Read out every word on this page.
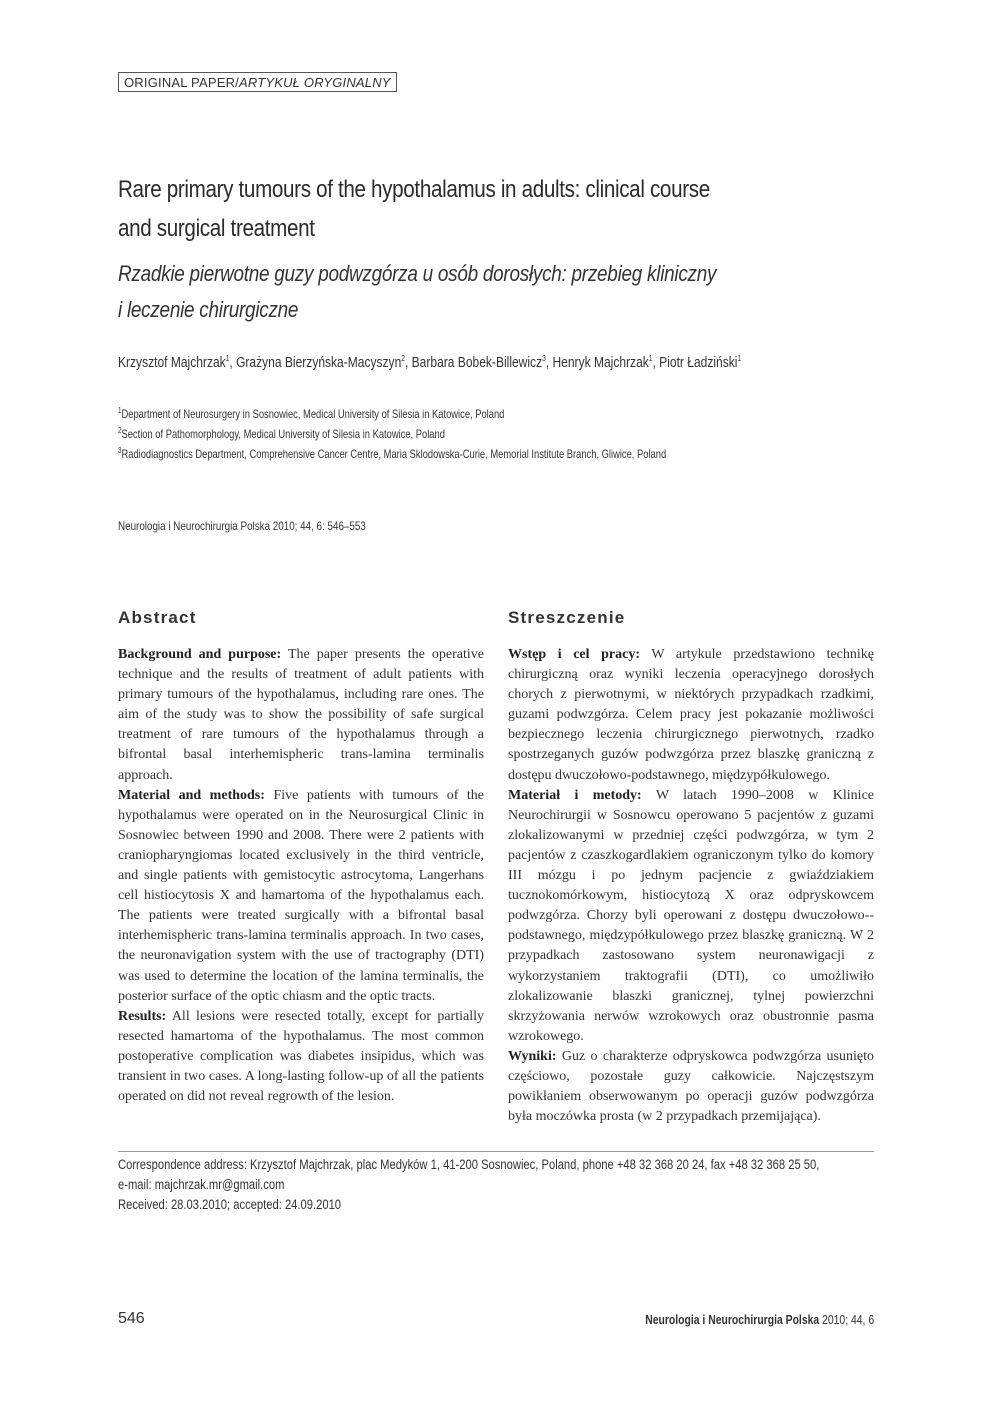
ORIGINAL PAPER/ARTYKUŁ ORYGINALNY
Rare primary tumours of the hypothalamus in adults: clinical course
and surgical treatment
Rzadkie pierwotne guzy podwzgórza u osób dorosłych: przebieg kliniczny
i leczenie chirurgiczne
Krzysztof Majchrzak$^1$, Grażyna Bierzyńska-Macyszyn$^2$, Barbara Bobek-Billewicz$^3$, Henryk Majchrzak$^1$, Piotr Ładziński$^1$
$^1$Department of Neurosurgery in Sosnowiec, Medical University of Silesia in Katowice, Poland
$^2$Section of Pathomorphology, Medical University of Silesia in Katowice, Poland
$^3$Radiodiagnostics Department, Comprehensive Cancer Centre, Maria Sklodowska-Curie, Memorial Institute Branch, Gliwice, Poland
Neurologia i Neurochirurgia Polska 2010; 44, 6: 546–553
Abstract	Streszczenie

Background and purpose: The paper presents the operative technique and the results of treatment of adult patients with primary tumours of the hypothalamus, including rare ones. The aim of the study was to show the possibility of safe surgical treatment of rare tumours of the hypothalamus through a bifrontal basal interhemispheric trans-lamina terminalis approach.

Material and methods: Five patients with tumours of the hypothalamus were operated on in the Neurosurgical Clinic in Sosnowiec between 1990 and 2008. There were 2 patients with craniopharyngiomas located exclusively in the third ventricle, and single patients with gemistocytic astrocytoma, Langerhans cell histiocytosis X and hamartoma of the hypothalamus each. The patients were treated surgically with a bifrontal basal interhemispheric trans-lamina terminalis approach. In two cases, the neuronavigation system with the use of tractography (DTI) was used to determine the location of the lamina terminalis, the posterior surface of the optic chiasm and the optic tracts.

Results: All lesions were resected totally, except for partially resected hamartoma of the hypothalamus. The most common postoperative complication was diabetes insipidus, which was transient in two cases. A long-lasting follow-up of all the patients operated on did not reveal regrowth of the lesion.

Wstęp i cel pracy: W artykule przedstawiono technikę chirurgiczną oraz wyniki leczenia operacyjnego dorosłych chorych z pierwotnymi, w niektórych przypadkach rzadkimi, guzami podwzgórza. Celem pracy jest pokazanie możliwości bezpiecznego leczenia chirurgicznego pierwotnych, rzadko spostrzeganych guzów podwzgórza przez blaszkę graniczną z dostępu dwuczołowo-podstawnego, międzypółkulowego.

Materiał i metody: W latach 1990–2008 w Klinice Neurochirurgii w Sosnowcu operowano 5 pacjentów z guzami zlokalizowanymi w przedniej części podwzgórza, w tym 2 pacjentów z czaszkogardlakiem ograniczonym tylko do komory III mózgu i po jednym pacjencie z gwiaździakiem tucznokomórkowym, histiocytozą X oraz odpryskowcem podwzgórza. Chorzy byli operowani z dostępu dwuczołowo--podstawnego, międzypółkulowego przez blaszkę graniczną. W 2 przypadkach zastosowano system neuronawigacji z wykorzystaniem traktografii (DTI), co umożliwiło zlokalizowanie blaszki granicznej, tylnej powierzchni skrzyżowania nerwów wzrokowych oraz obustronnie pasma wzrokowego.

Wyniki: Guz o charakterze odpryskowca podwzgórza usunięto częściowo, pozostałe guzy całkowicie. Najczęstszym powikłaniem obserwowanym po operacji guzów podwzgórza była moczówka prosta (w 2 przypadkach przemijająca).

Correspondence address: Krzysztof Majchrzak, plac Medyków 1, 41-200 Sosnowiec, Poland, phone +48 32 368 20 24, fax +48 32 368 25 50,
e-mail: majchrzak.mr@gmail.com
Received: 28.03.2010; accepted: 24.09.2010
546	Neurologia i Neurochirurgia Polska 2010; 44, 6
